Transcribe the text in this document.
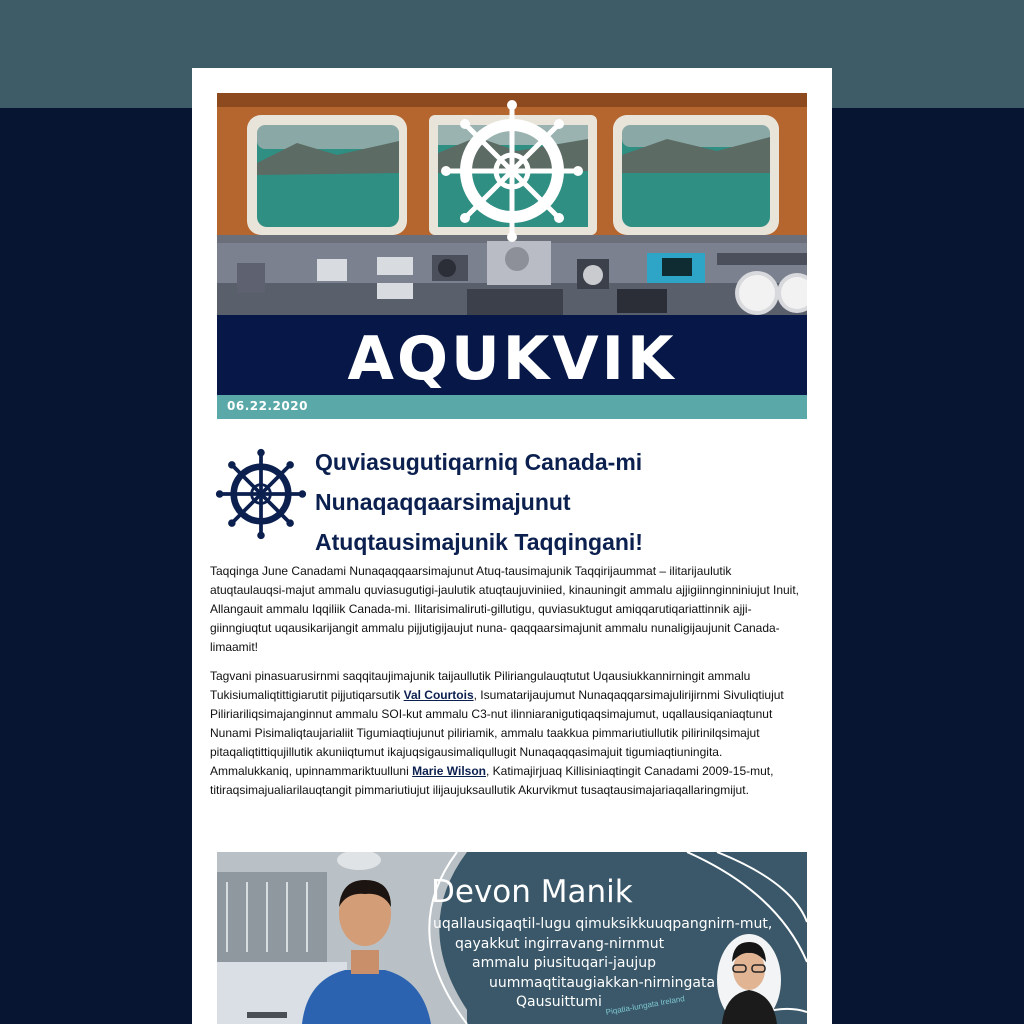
AQUKVIK
06.22.2020
Quviasugutiqarniq Canada-mi
Nunaqaqqaarsimajunut
Atuqtausimajunik Taqqingani!

Taqqinga June Canadami Nunaqaqqaarsimajunut Atuq-tausimajunik Taqqirijaummat – ilitarijaulutik atuqtaulauqsi-majut ammalu quviasugutigi-jaulutik atuqtaujuviniied, kinauningit ammalu ajjigiinnginniniujut Inuit, Allangauit ammalu Iqqiliik Canada-mi. Ilitarisimaliruti-gillutigu, quviasuktugut amiqqarutiqariattinnik ajji-giinngiuqtut uqausikarijangit ammalu pijjutigijaujut nuna- qaqqaarsimajunit ammalu nunaligijaujunit Canada-limaamit!

Tagvani pinasuarusirnmi saqqitaujimajunik taijaullutik Piliriangulauqtutut Uqausiukkannirningit ammalu Tukisiumaliqtittigiarutit pijjutiqarsutik Val Courtois, Isumatarijaujumut Nunaqaqqarsimajulirijirnmi Sivuliqtiujut Piliriariliqsimajanginnut ammalu SOI-kut ammalu C3-nut ilinniaranigutiqaqsimajumut, uqallausiqaniaqtunut Nunami Pisimaliqtaujarialiit Tigumiaqtiujunut piliriamik, ammalu taakkua pimmariutiullutik pilirinilqsimajut pitaqaliqtittiqujillutik akuniiqtumut ikajuqsigausimaliqullugit Nunaqaqqasimajuit tigumiaqtiuningita. Ammalukkaniq, upinnammariktuulluni Marie Wilson, Katimajirjuaq Killisiniaqtingit Canadami 2009-15-mut, titiraqsimajualiarilauqtangit pimmariutiujut ilijaujuksaullutik Akurvikmut tusaqtausimajariaqallaringmijut.

Devon Manik
uqallausiqaqtil-lugu qimuksikkuuqpangnirn-mut,
qayakkut ingirravang-nirnmut
ammalu piusituqari-jaujup
uummaqtitaugiakkan-nirningata
Qausuittumi Piqatia-lungata Ireland
